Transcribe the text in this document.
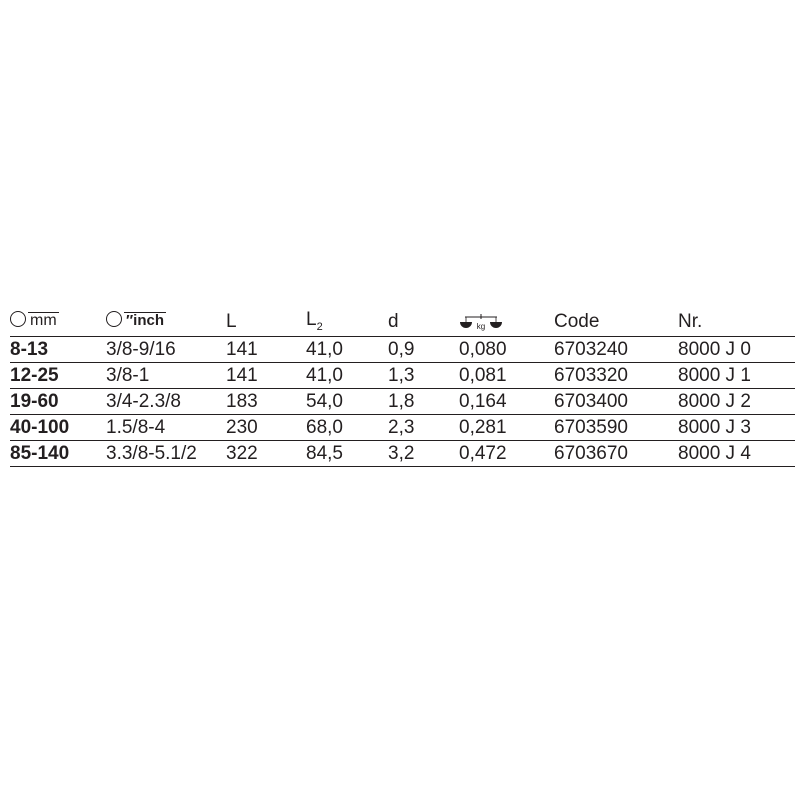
mm	″inch	L	$L_2$	d	kg	Code	Nr.
8-13	3/8-9/16	141	41,0	0,9	0,080	6703240	8000 J 0
12-25	3/8-1	141	41,0	1,3	0,081	6703320	8000 J 1
19-60	3/4-2.3/8	183	54,0	1,8	0,164	6703400	8000 J 2
40-100	1.5/8-4	230	68,0	2,3	0,281	6703590	8000 J 3
85-140	3.3/8-5.1/2	322	84,5	3,2	0,472	6703670	8000 J 4
